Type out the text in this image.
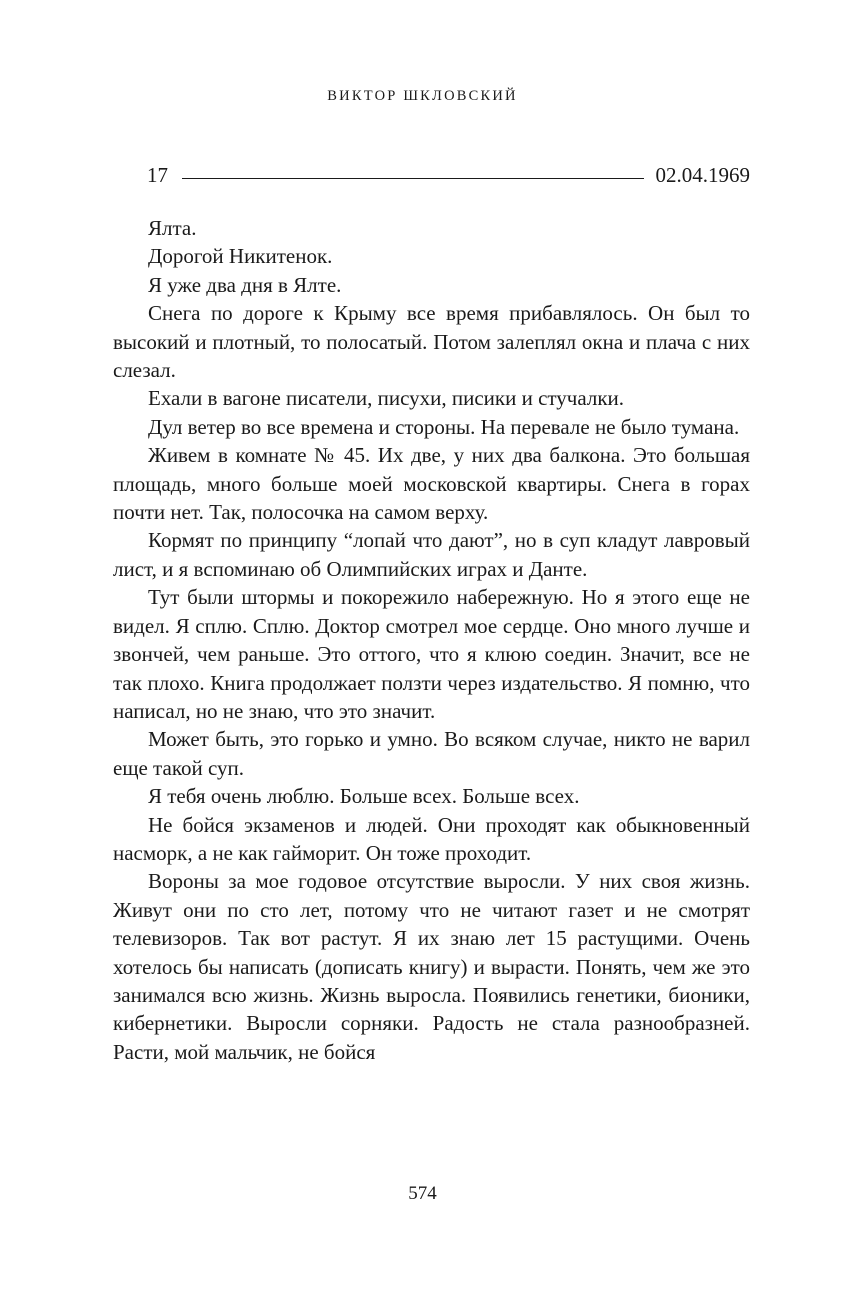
ВИКТОР ШКЛОВСКИЙ
17	02.04.1969

Ялта.

Дорогой Никитенок.

Я уже два дня в Ялте.

Снега по дороге к Крыму все время прибавлялось. Он был то высокий и плотный, то полосатый. Потом залеплял окна и плача с них слезал.

Ехали в вагоне писатели, писухи, писики и стучалки.

Дул ветер во все времена и стороны. На перевале не было тумана.

Живем в комнате № 45. Их две, у них два балкона. Это большая площадь, много больше моей московской квартиры. Снега в горах почти нет. Так, полосочка на самом верху.

Кормят по принципу “лопай что дают”, но в суп кладут лавровый лист, и я вспоминаю об Олимпийских играх и Данте.

Тут были штормы и покорежило набережную. Но я этого еще не видел. Я сплю. Сплю. Доктор смотрел мое сердце. Оно много лучше и звончей, чем раньше. Это оттого, что я клюю соедин. Значит, все не так плохо. Книга продолжает ползти через издательство. Я помню, что написал, но не знаю, что это значит.

Может быть, это горько и умно. Во всяком случае, никто не варил еще такой суп.

Я тебя очень люблю. Больше всех. Больше всех.

Не бойся экзаменов и людей. Они проходят как обыкновенный насморк, а не как гайморит. Он тоже проходит.

Вороны за мое годовое отсутствие выросли. У них своя жизнь. Живут они по сто лет, потому что не читают газет и не смотрят телевизоров. Так вот растут. Я их знаю лет 15 растущими. Очень хотелось бы написать (дописать книгу) и вырасти. Понять, чем же это занимался всю жизнь. Жизнь выросла. Появились генетики, бионики, кибернетики. Выросли сорняки. Радость не стала разнообразней. Расти, мой мальчик, не бойся

574
